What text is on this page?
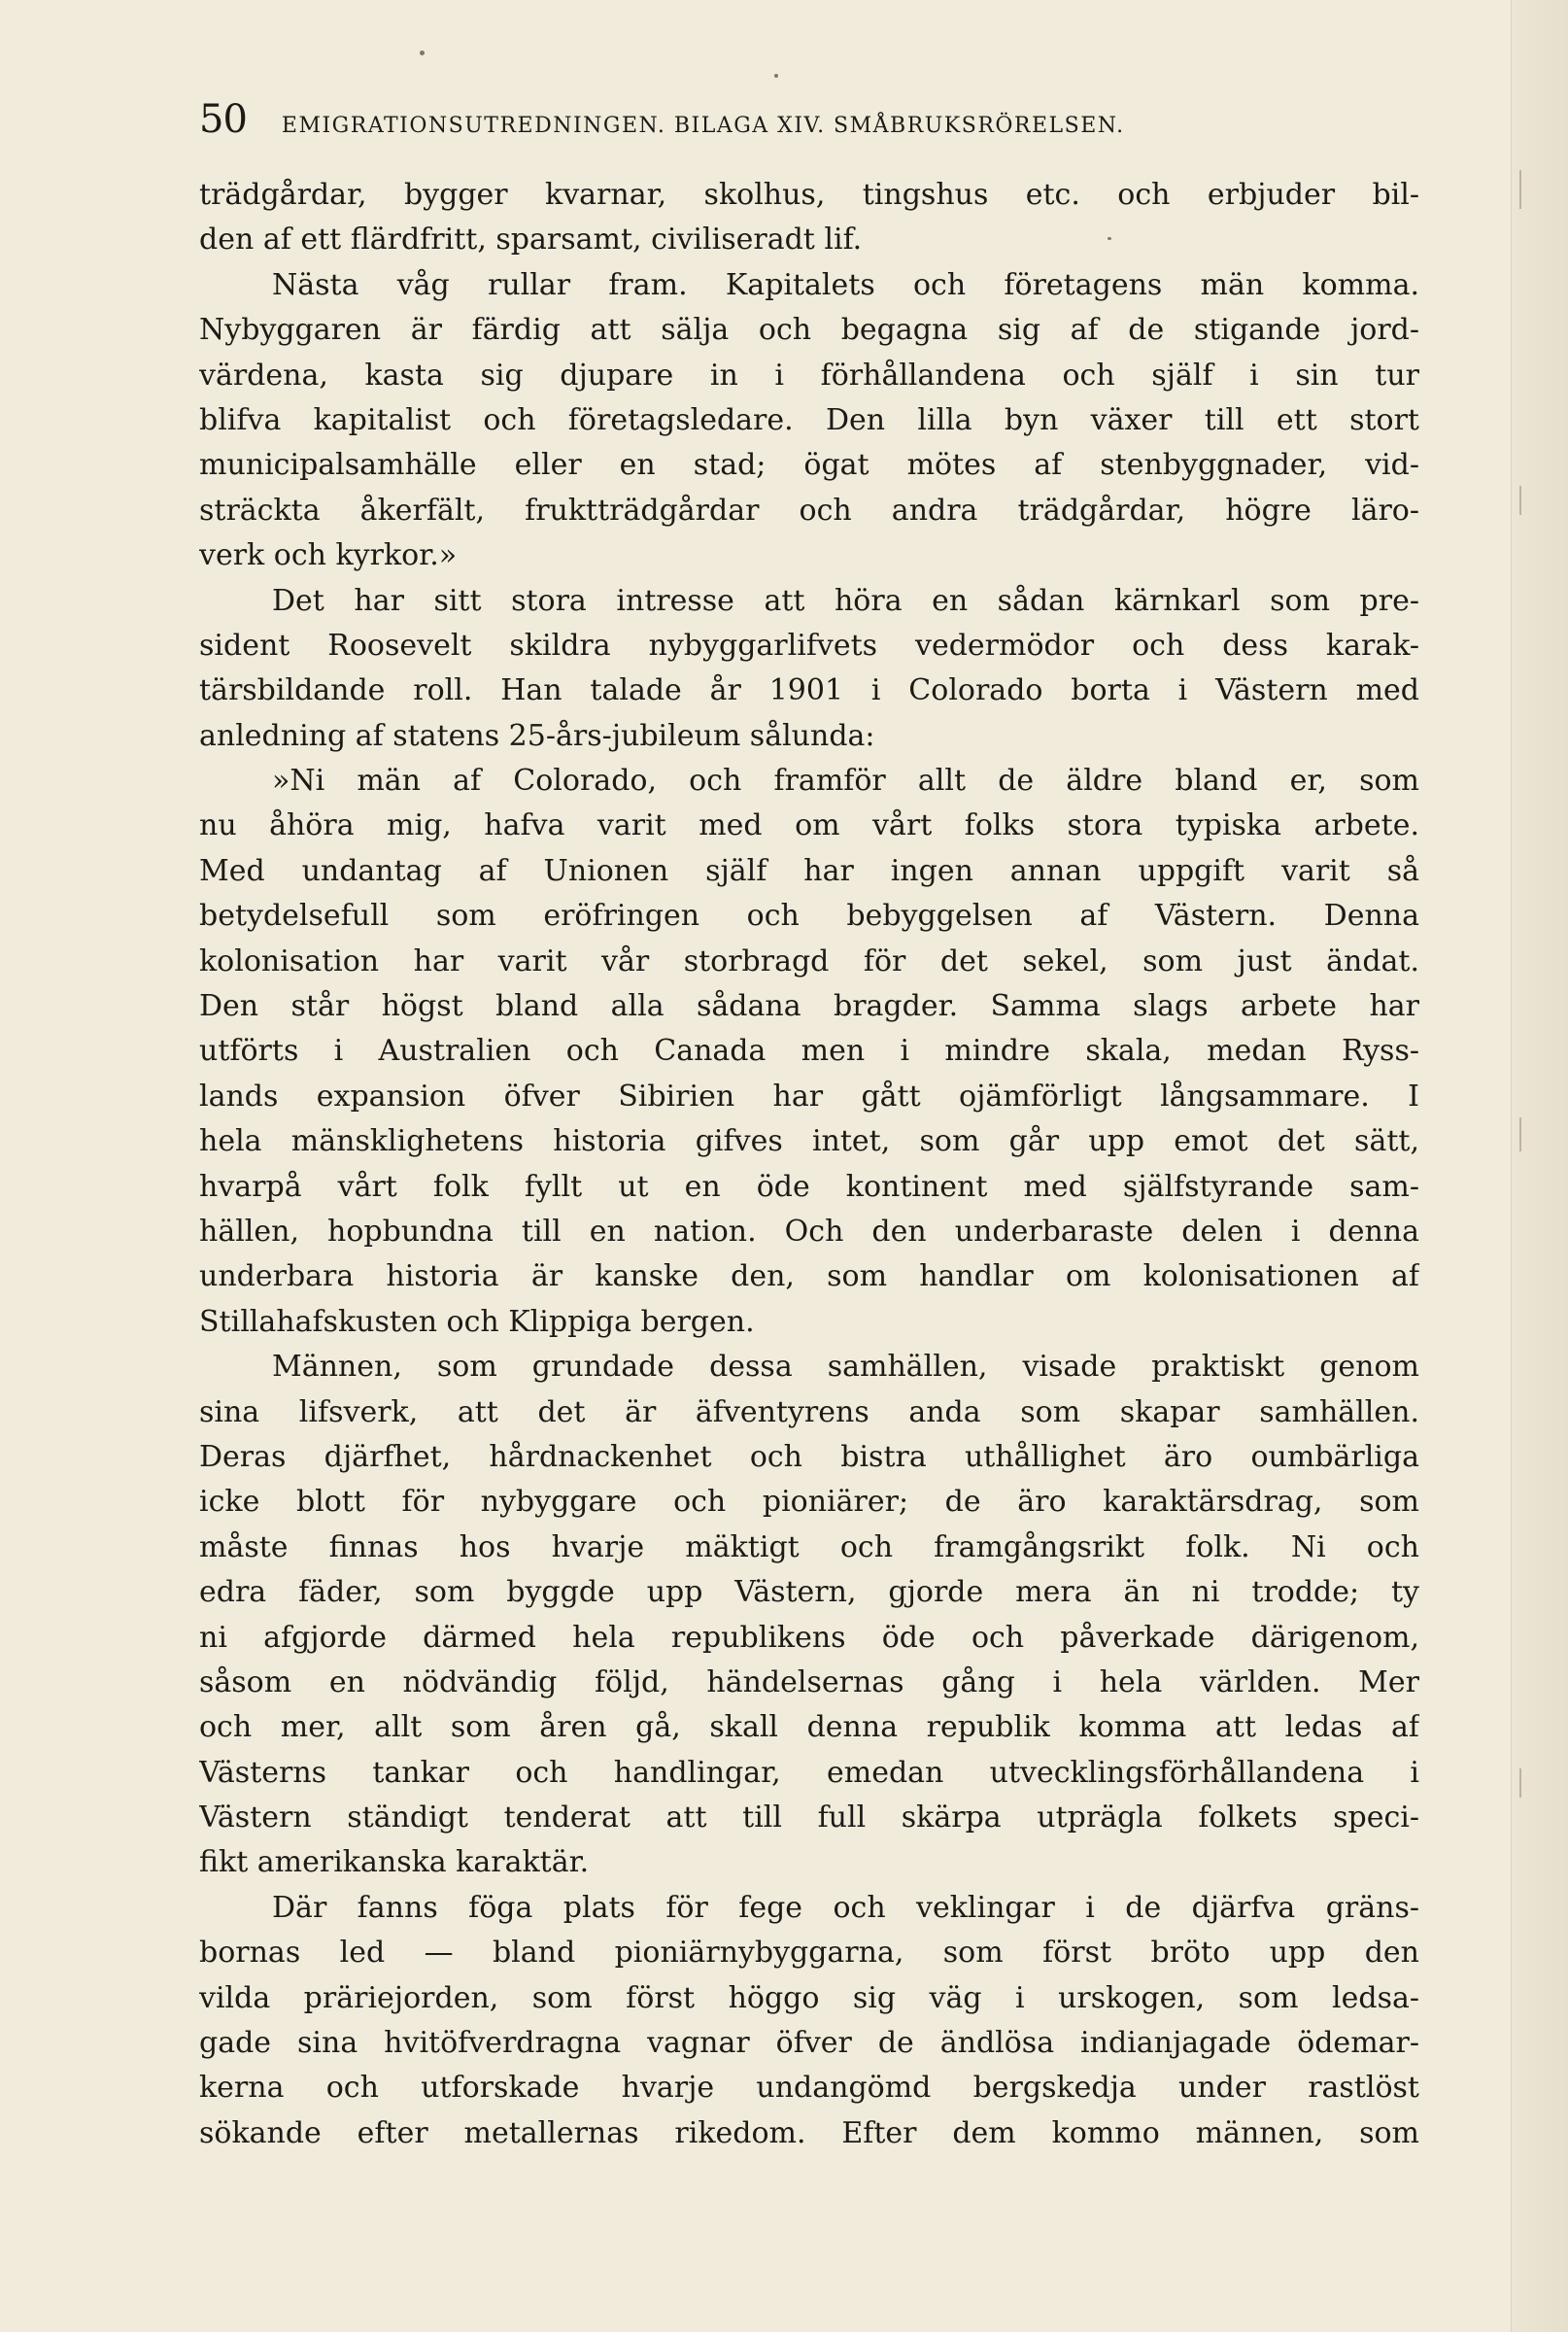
50 EMIGRATIONSUTREDNINGEN. BILAGA XIV. SMÅBRUKSRÖRELSEN.
trädgårdar, bygger kvarnar, skolhus, tingshus etc. och erbjuder bil-
den af ett flärdfritt, sparsamt, civiliseradt lif.
Nästa våg rullar fram. Kapitalets och företagens män komma.
Nybyggaren är färdig att sälja och begagna sig af de stigande jord-
värdena, kasta sig djupare in i förhållandena och själf i sin tur
blifva kapitalist och företagsledare. Den lilla byn växer till ett stort
municipalsamhälle eller en stad; ögat mötes af stenbyggnader, vid-
sträckta åkerfält, fruktträdgårdar och andra trädgårdar, högre läro-
verk och kyrkor.»
Det har sitt stora intresse att höra en sådan kärnkarl som pre-
sident Roosevelt skildra nybyggarlifvets vedermödor och dess karak-
tärsbildande roll. Han talade år 1901 i Colorado borta i Västern med
anledning af statens 25-års-jubileum sålunda:
»Ni män af Colorado, och framför allt de äldre bland er, som
nu åhöra mig, hafva varit med om vårt folks stora typiska arbete.
Med undantag af Unionen själf har ingen annan uppgift varit så
betydelsefull som eröfringen och bebyggelsen af Västern. Denna
kolonisation har varit vår storbragd för det sekel, som just ändat.
Den står högst bland alla sådana bragder. Samma slags arbete har
utförts i Australien och Canada men i mindre skala, medan Ryss-
lands expansion öfver Sibirien har gått ojämförligt långsammare. I
hela mänsklighetens historia gifves intet, som går upp emot det sätt,
hvarpå vårt folk fyllt ut en öde kontinent med själfstyrande sam-
hällen, hopbundna till en nation. Och den underbaraste delen i denna
underbara historia är kanske den, som handlar om kolonisationen af
Stillahafskusten och Klippiga bergen.
Männen, som grundade dessa samhällen, visade praktiskt genom
sina lifsverk, att det är äfventyrens anda som skapar samhällen.
Deras djärfhet, hårdnackenhet och bistra uthållighet äro oumbärliga
icke blott för nybyggare och pioniärer; de äro karaktärsdrag, som
måste finnas hos hvarje mäktigt och framgångsrikt folk. Ni och
edra fäder, som byggde upp Västern, gjorde mera än ni trodde; ty
ni afgjorde därmed hela republikens öde och påverkade därigenom,
såsom en nödvändig följd, händelsernas gång i hela världen. Mer
och mer, allt som åren gå, skall denna republik komma att ledas af
Västerns tankar och handlingar, emedan utvecklingsförhållandena i
Västern ständigt tenderat att till full skärpa utprägla folkets speci-
fikt amerikanska karaktär.
Där fanns föga plats för fege och veklingar i de djärfva gräns-
bornas led — bland pioniärnybyggarna, som först bröto upp den
vilda präriejorden, som först höggo sig väg i urskogen, som ledsa-
gade sina hvitöfverdragna vagnar öfver de ändlösa indianjagade ödemar-
kerna och utforskade hvarje undangömd bergskedja under rastlöst
sökande efter metallernas rikedom. Efter dem kommo männen, som
